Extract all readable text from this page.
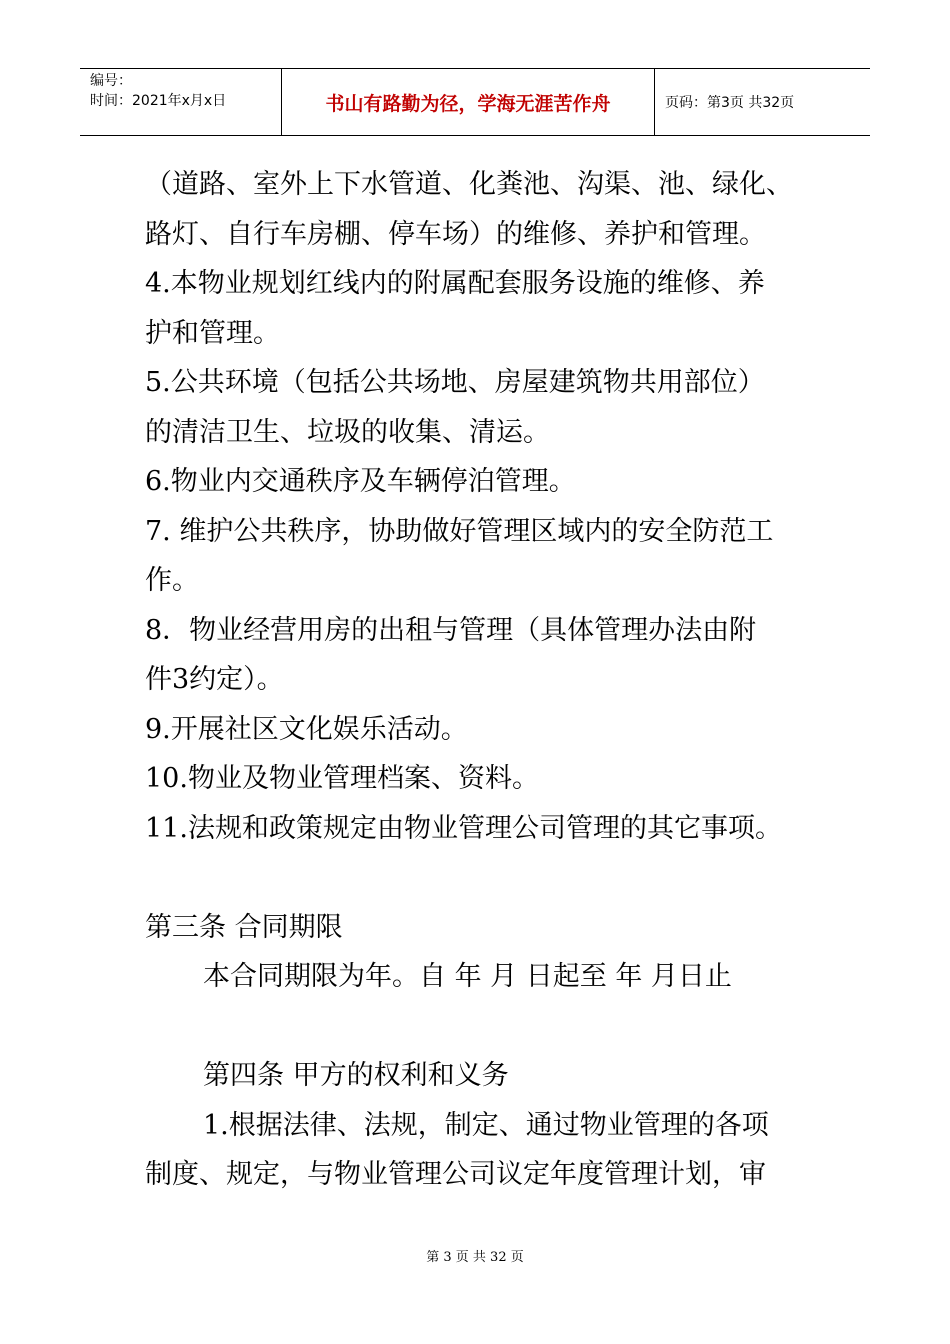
编号：
时间：2021年x月x日	书山有路勤为径，学海无涯苦作舟	页码：第3页 共32页
（道路、室外上下水管道、化粪池、沟渠、池、绿化、
路灯、自行车房棚、停车场）的维修、养护和管理。
4.本物业规划红线内的附属配套服务设施的维修、养
护和管理。
5.公共环境（包括公共场地、房屋建筑物共用部位）
的清洁卫生、垃圾的收集、清运。
6.物业内交通秩序及车辆停泊管理。
7. 维护公共秩序，协助做好管理区域内的安全防范工
作。
8．物业经营用房的出租与管理（具体管理办法由附
件3约定）。
9.开展社区文化娱乐活动。
10.物业及物业管理档案、资料。
11.法规和政策规定由物业管理公司管理的其它事项。
第三条 合同期限
本合同期限为年。自 年 月 日起至 年 月日止
第四条 甲方的权利和义务
1.根据法律、法规，制定、通过物业管理的各项
制度、规定，与物业管理公司议定年度管理计划，审
第 3 页 共 32 页
